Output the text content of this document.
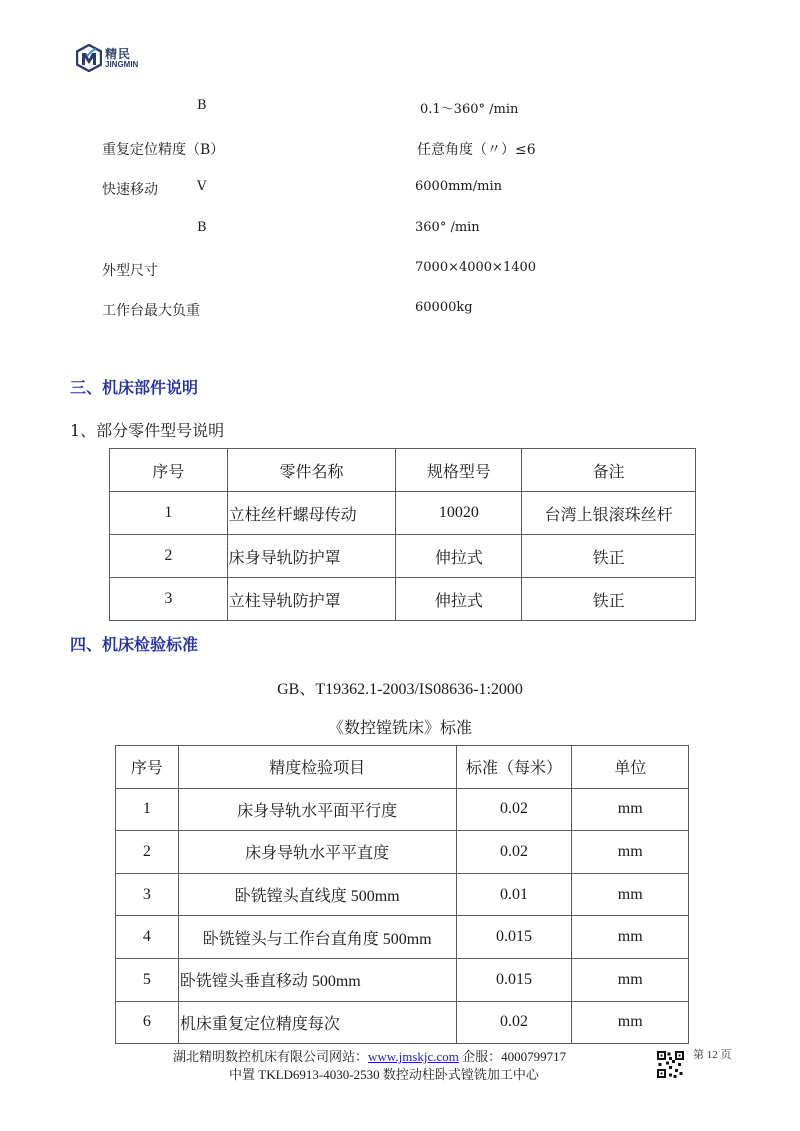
精民
JINGMIN
B	0.1～360° /min
重复定位精度（B）	任意角度（〃）≤6
快速移动	V	6000mm/min
B	360° /min
外型尺寸	7000×4000×1400
工作台最大负重	60000kg
三、机床部件说明
1、部分零件型号说明
序号	零件名称	规格型号	备注
1	立柱丝杆螺母传动	10020	台湾上银滚珠丝杆
2	床身导轨防护罩	伸拉式	铁正
3	立柱导轨防护罩	伸拉式	铁正
四、机床检验标准
GB、T19362.1-2003/IS08636-1:2000
《数控镗铣床》标准
序号	精度检验项目	标准（每米）	单位
1	床身导轨水平面平行度	0.02	mm
2	床身导轨水平平直度	0.02	mm
3	卧铣镗头直线度 500mm	0.01	mm
4	卧铣镗头与工作台直角度 500mm	0.015	mm
5	卧铣镗头垂直移动 500mm	0.015	mm
6	机床重复定位精度每次	0.02	mm
湖北精明数控机床有限公司网站：www.jmskjc.com 企服：4000799717
中置 TKLD6913-4030-2530 数控动柱卧式镗铣加工中心
第 12 页
